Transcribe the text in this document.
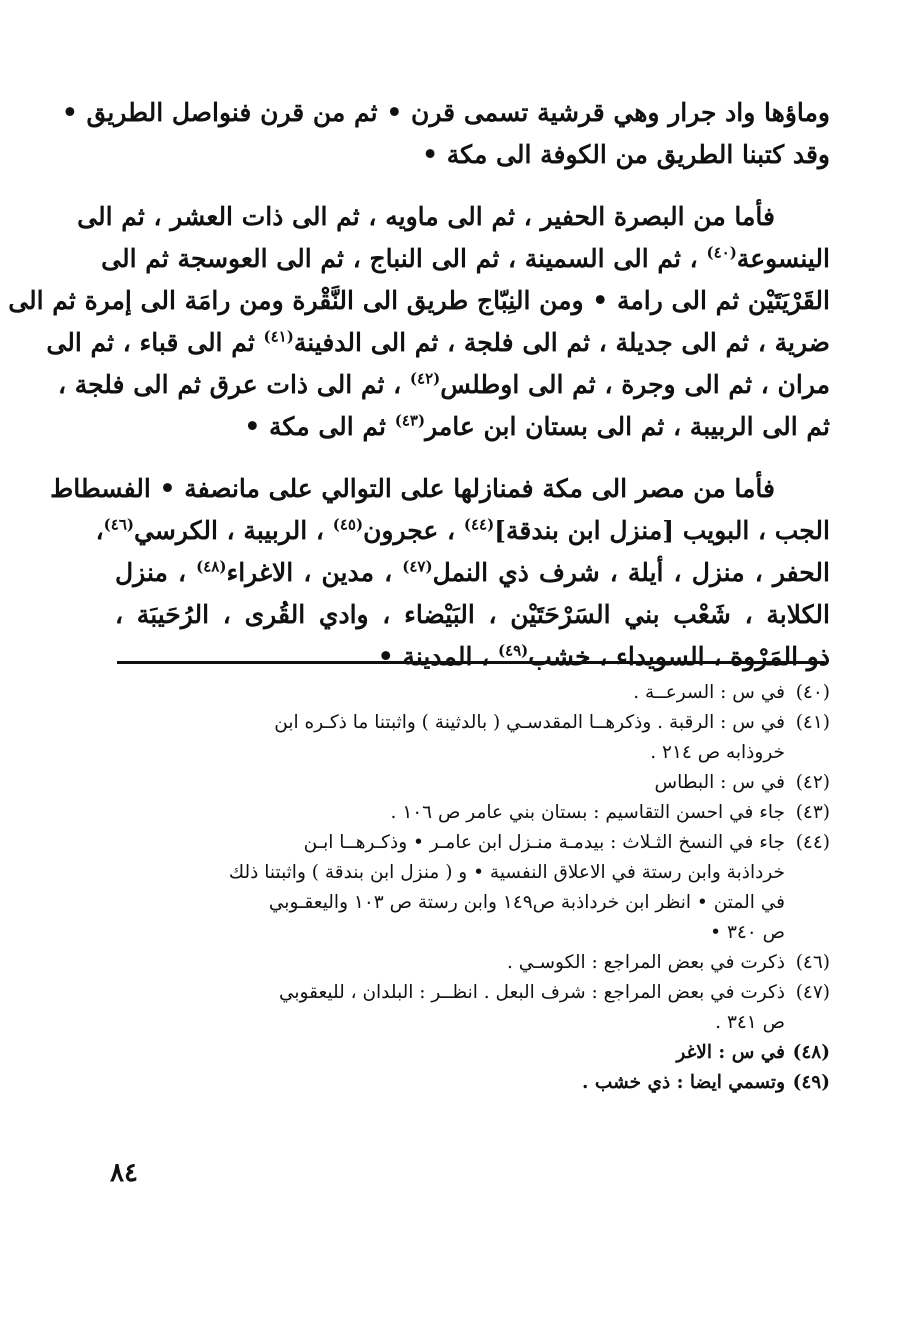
وماؤها واد جرار وهي قرشية تسمى قرن • ثم من قرن فنواصل الطريق •
وقد كتبنا الطريق من الكوفة الى مكة •
فأما من البصرة الحفير ، ثم الى ماويه ، ثم الى ذات العشر ، ثم الى
الينسوعة$^{(٤٠)}$ ، ثم الى السمينة ، ثم الى النباج ، ثم الى العوسجة ثم الى
القَرْيَتَيْن ثم الى رامة • ومن النِبّاج طريق الى النَّقْرة ومن رامَة الى إمرة ثم الى
ضرية ، ثم الى جديلة ، ثم الى فلجة ، ثم الى الدفينة$^{(٤١)}$ ثم الى قباء ، ثم الى
مران ، ثم الى وجرة ، ثم الى اوطلس$^{(٤٢)}$ ، ثم الى ذات عرق ثم الى فلجة ،
ثم الى الربيبة ، ثم الى بستان ابن عامر$^{(٤٣)}$ ثم الى مكة •
فأما من مصر الى مكة فمنازلها على التوالي على مانصفة • الفسطاط
الجب ، البويب [منزل ابن بندقة]$^{(٤٤)}$ ، عجرون$^{(٤٥)}$ ، الربيبة ، الكرسي$^{(٤٦)}$،
الحفر ، منزل ، أيلة ، شرف ذي النمل$^{(٤٧)}$ ، مدين ، الاغراء$^{(٤٨)}$ ، منزل
الكلابة ، شَعْب بني السَرْحَتَيْن ، البَيْضاء ، وادي القُرى ، الرُحَيبَة ،
ذو المَرْوة ، السويداء ، خشب$^{(٤٩)}$ ، المدينة •
(٤٠)
في س : السرعــة .
(٤١)
في س : الرقبة . وذكرهــا المقدسـي ( بالدثينة ) واثبتنا ما ذكـره ابن
خروذابه ص ٢١٤ .
(٤٢)
في س : البطاس
(٤٣)
جاء في احسن التقاسيم : بستان بني عامر ص ١٠٦ .
(٤٤)
جاء في النسخ الثـلاث : بيدمـة منـزل ابن عامـر • وذكـرهــا ابـن
خرداذبة وابن رستة في الاعلاق النفسية • و ( منزل ابن بندقة ) واثبتنا ذلك
في المتن • انظر ابن خرداذبة ص١٤٩ وابن رستة ص ١٠٣ واليعقـوبي
ص ٣٤٠ •
(٤٦)
ذكرت في بعض المراجع : الكوسـي .
(٤٧)
ذكرت في بعض المراجع : شرف البعل . انظــر : البلدان ، لليعقوبي
ص ٣٤١ .
(٤٨)
في س : الاغر
(٤٩)
وتسمي ايضا : ذي خشب .
٨٤
